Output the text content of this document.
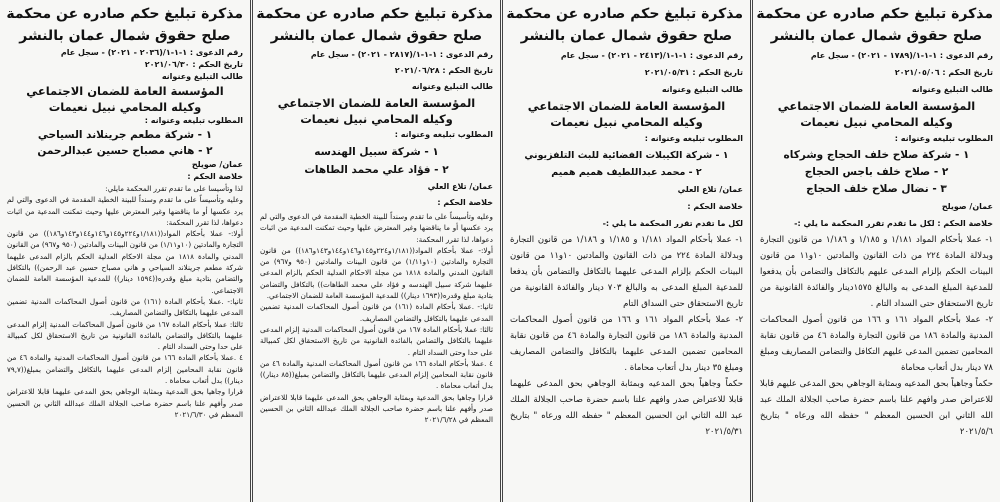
مذكرة تبليغ حكم صادره عن محكمة
صلح حقوق شمال عمان بالنشر
رقم الدعوى : ١-١-١/(١٧٨٩ - ٢٠٢١) - سجل عام
تاريخ الحكم : ٢٠٢١/٠٥/٠٦
طالب التبليغ وعنوانه
المؤسسة العامة للضمان الاجتماعي
وكيله المحامي نبيل نعيمات
المطلوب تبليغه وعنوانه :
١ - شركة صلاح خلف الحجاج وشركاه
٢ - صلاح خلف باجس الحجاج
٣ - نضال صلاح خلف الحجاج
عمان/ صويلح
خلاصة الحكم : لكل ما تقدم تقرر المحكمة ما يلي :-

١- عملا بأحكام المواد ١/١٨١ و ١/١٨٥ و ١/١٨٦ من قانون التجارة وبدلالة المادة ٢٢٤ من ذات القانون والمادتين ١٠و١١ من قانون البينات الحكم بإلزام المدعى عليهم بالتكافل والتضامن بأن يدفعوا للمدعية المبلغ المدعى به والبالغ ١٥٧٥دينار والفائدة القانونية من تاريخ الاستحقاق حتى السداد التام .

٢- عملا بأحكام المواد ١٦١ و ١٦٦ من قانون أصول المحاكمات المدنية والمادة ١٨٦ من قانون التجارة والمادة ٤٦ من قانون نقابة المحامين تضمين المدعى عليهم التكافل والتضامن المصاريف ومبلغ ٧٨ دينار بدل أتعاب محاماة

حكماً وجاهياً بحق المدعيه وبمثابة الوجاهي بحق المدعى عليهم قابلا للاعتراض صدر وافهم علنا باسم حضرة صاحب الجلالة الملك عبد الله الثاني ابن الحسين المعظم " حفظه الله ورعاه " بتاريخ ٢٠٢١/٥/٦

مذكرة تبليغ حكم صادره عن محكمة
صلح حقوق شمال عمان بالنشر
رقم الدعوى : ١-١-١/(٢٤١٣ - ٢٠٢١) - سجل عام
تاريخ الحكم : ٢٠٢١/٠٥/٣١
طالب التبليغ وعنوانه
المؤسسة العامة للضمان الاجتماعي
وكيله المحامي نبيل نعيمات
المطلوب تبليغه وعنوانه :
١ - شركة الكيبلات الفضائية للبث التلفزيوني
٢ - محمد عبداللطيف هميم هميم
عمان/ تلاع العلي
خلاصة الحكم :
لكل ما تقدم تقرر المحكمة ما يلي :-

١- عملا بأحكام المواد ١/١٨١ و ١/١٨٥ و ١/١٨٦ من قانون التجارة وبدلالة المادة ٢٢٤ من ذات القانون والمادتين ١٠و١١ من قانون البينات الحكم بإلزام المدعى عليهما بالتكافل والتضامن بأن يدفعا للمدعية المبلغ المدعى به والبالغ ٧٠٣ دينار والفائدة القانونية من تاريخ الاستحقاق حتى السداق التام

٢- عملا بأحكام المواد ١٦١ و ١٦٦ من قانون أصول المحاكمات المدنية والمادة ١٨٦ من قانون التجارة والمادة ٤٦ من قانون نقابة المحامين تضمين المدعى عليهما بالتكافل والتضامن المصاريف ومبلغ ٣٥ دينار بدل أتعاب محاماة .

حكماً وجاهياً بحق المدعيه وبمثابة الوجاهي بحق المدعى عليهما قابلا للاعتراض صدر وافهم علنا باسم حضرة صاحب الجلالة الملك عبد الله الثاني ابن الحسين المعظم " حفظه الله ورعاه " بتاريخ ٢٠٢١/٥/٣١

مذكرة تبليغ حكم صادره عن محكمة
صلح حقوق شمال عمان بالنشر
رقم الدعوى : ١-١-١/(٢٨١٧ - ٢٠٢١) - سجل عام
تاريخ الحكم : ٢٠٢١/٠٦/٢٨
طالب التبليغ وعنوانه
المؤسسة العامة للضمان الاجتماعي
وكيله المحامي نبيل نعيمات
المطلوب تبليغه وعنوانه :
١ - شركة سبيل الهندسه
٢ - فؤاد علي محمد الطاهات
عمان/ تلاع العلي
خلاصة الحكم :

وعليه وتأسيساً على ما تقدم وسنداً للبينة الخطية المقدمة في الدعوى والتي لم يرد عكسها أو ما يناقضها وغير المعترض عليها وحيث تمكنت المدعية من اثبات دعواها، لذا تقرر المحكمة:

أولا:- عملا بأحكام المواد((١/١٨١و٢٢٤و١٤٥و١٤٦و١٤٤و١٤٣و١٨٦)) من قانون التجارة والمادتين (١٠و١/١١) من قانون البينات والمادتين (٩٥٠ و٩٦٧) من القانون المدني والمادة ١٨١٨ من مجلة الاحكام العدلية الحكم بالزام المدعى عليهما شركة سبيل الهندسه و فؤاد علي محمد الطاهات)) بالتكافل والتضامن بتادية مبلغ وقدره((١٦٩٣ دينار)) للمدعية المؤسسة العامة للضمان الاجتماعي.

ثانيا:- .عملا بأحكام المادة (١٦١) من قانون أصول المحاكمات المدنية تضمين المدعى عليهما بالتكافل والتضامن المصاريف.

ثالثا: عملا بأحكام المادة ١٦٧ من قانون أصول المحاكمات المدنية إلزام المدعى عليهما بالتكافل والتضامن بالفائدة القانونية من تاريخ الاستحقاق لكل كمبيالة على حدا وحتى السداد التام .

٤ .عملا بأحكام المادة ١٦٦ من قانون أصول المحاكمات المدنية والمادة ٤٦ من قانون نقابة المحامين إلزام المدعى عليهما بالتكافل والتضامن بمبلغ((٨٥ دينار)) بدل أتعاب محاماة .

قرارا وجاهيا بحق المدعية وبمثابة الوجاهي بحق المدعى عليهما قابلا للاعتراض صدر وأفهم علنا باسم حضرة صاحب الجلالة الملك عبدالله الثاني بن الحسين المعظم في ٢٠٢١/٦/٢٨

مذكرة تبليغ حكم صادره عن محكمة
صلح حقوق شمال عمان بالنشر
رقم الدعوى : ١-١-١/(٢٠٣٦ - ٢٠٢١) - سجل عام
تاريخ الحكم : ٢٠٢١/٠٦/٣٠
طالب التبليغ وعنوانه
المؤسسة العامة للضمان الاجتماعي
وكيله المحامي نبيل نعيمات
المطلوب تبليغه وعنوانه :
١ - شركة مطعم جرينلاند السياحي
٢ - هاني مصباح حسين عبدالرحمن
عمان/ صويلح
خلاصة الحكم :

لذا وتأسيسا على ما تقدم تقرر المحكمة مايلي:

وعليه وتأسيساً على ما تقدم وسنداً للبينة الخطية المقدمة في الدعوى والتي لم يرد عكسها أو ما يناقضها وغير المعترض عليها وحيث تمكنت المدعية من اثبات دعواها، لذا تقرر المحكمة:

أولا:- عملا بأحكام المواد((١/١٨١و٢٢٤و١٤٥و١٤٦و١٤٤و١٤٣و١٨٦)) من قانون التجارة والمادتين (١٠و١/١١) من قانون البينات والمادتين (٩٥٠ و٩٦٧) من القانون المدني والمادة ١٨١٨ من مجلة الاحكام العدلية الحكم بالزام المدعى عليهما شركة مطعم جرينلاند السياحي و هاني مصباح حسين عبد الرحمن)) بالتكافل والتضامن بتادية مبلغ وقدره((١٥٩٤ دينار)) للمدعية المؤسسة العامة للضمان الاجتماعي.

ثانيا:- .عملا بأحكام المادة (١٦١) من قانون أصول المحاكمات المدنية تضمين المدعى عليهما بالتكافل والتضامن المصاريف.

ثالثا: عملا بأحكام المادة ١٦٧ من قانون أصول المحاكمات المدنية إلزام المدعى عليهما بالتكافل والتضامن بالفائدة القانونية من تاريخ الاستحقاق لكل كمبيالة على حدا وحتى السداد التام .

٤ .عملا بأحكام المادة ١٦٦ من قانون أصول المحاكمات المدنية والمادة ٤٦ من قانون نقابة المحامين إلزام المدعى عليهما بالتكافل والتضامن بمبلغ((٧٩,٧ دينار)) بدل أتعاب محاماة .

قرارا وجاهيا بحق المدعية وبمثابة الوجاهي بحق المدعى عليهما قابلا للاعتراض صدر وأفهم علنا باسم حضرة صاحب الجلالة الملك عبدالله الثاني بن الحسين المعظم في ٢٠٢١/٦/٣٠
